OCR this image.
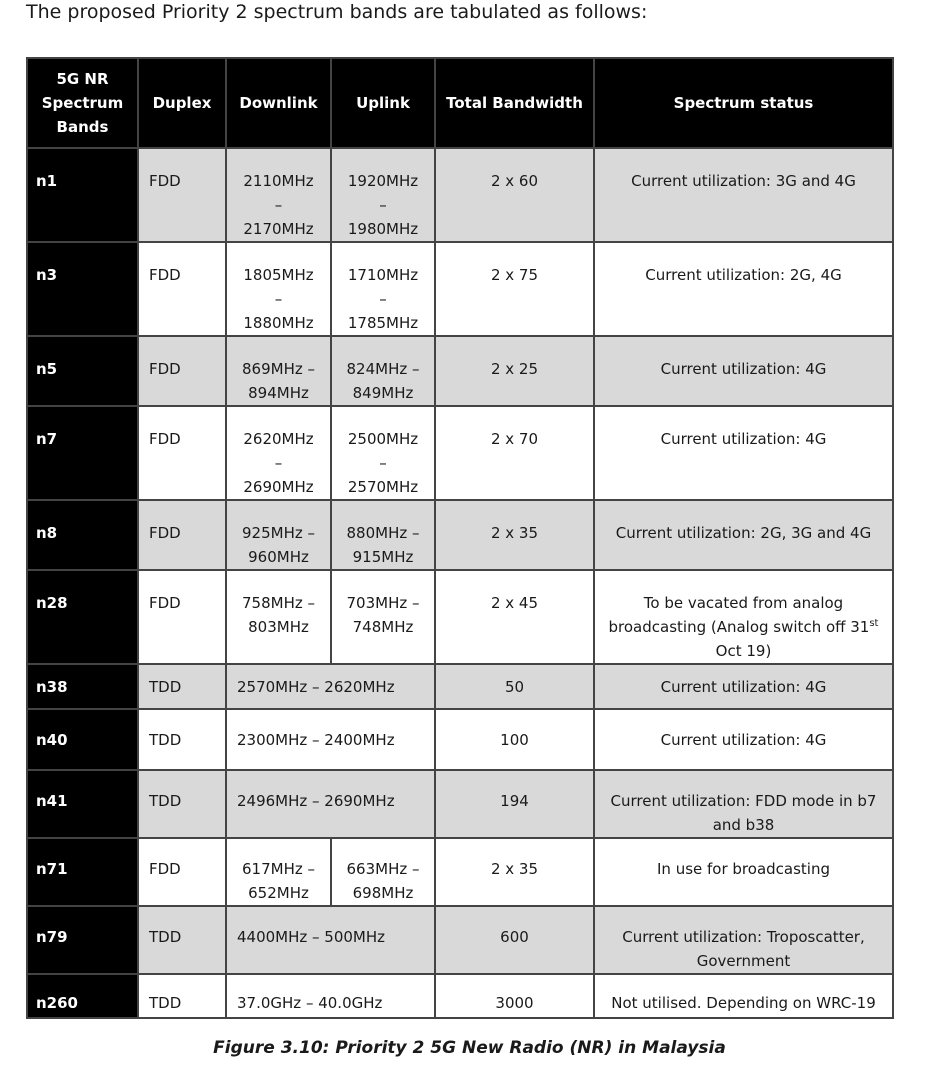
The proposed Priority 2 spectrum bands are tabulated as follows:
5G NR Spectrum Bands	Duplex	Downlink	Uplink	Total Bandwidth	Spectrum status
n1	FDD	2110MHz
–
2170MHz	1920MHz
–
1980MHz	2 x 60	Current utilization: 3G and 4G
n3	FDD	1805MHz
–
1880MHz	1710MHz
–
1785MHz	2 x 75	Current utilization: 2G, 4G
n5	FDD	869MHz –
894MHz	824MHz –
849MHz	2 x 25	Current utilization: 4G
n7	FDD	2620MHz
–
2690MHz	2500MHz
–
2570MHz	2 x 70	Current utilization: 4G
n8	FDD	925MHz –
960MHz	880MHz –
915MHz	2 x 35	Current utilization: 2G, 3G and 4G
n28	FDD	758MHz –
803MHz	703MHz –
748MHz	2 x 45	To be vacated from analog broadcasting (Analog switch off 31st Oct 19)
n38	TDD	2570MHz – 2620MHz		50	Current utilization: 4G
n40	TDD	2300MHz – 2400MHz		100	Current utilization: 4G
n41	TDD	2496MHz – 2690MHz		194	Current utilization: FDD mode in b7 and b38
n71	FDD	617MHz –
652MHz	663MHz –
698MHz	2 x 35	In use for broadcasting
n79	TDD	4400MHz – 500MHz		600	Current utilization: Troposcatter, Government
n260	TDD	37.0GHz – 40.0GHz		3000	Not utilised. Depending on WRC-19
Figure 3.10: Priority 2 5G New Radio (NR) in Malaysia
